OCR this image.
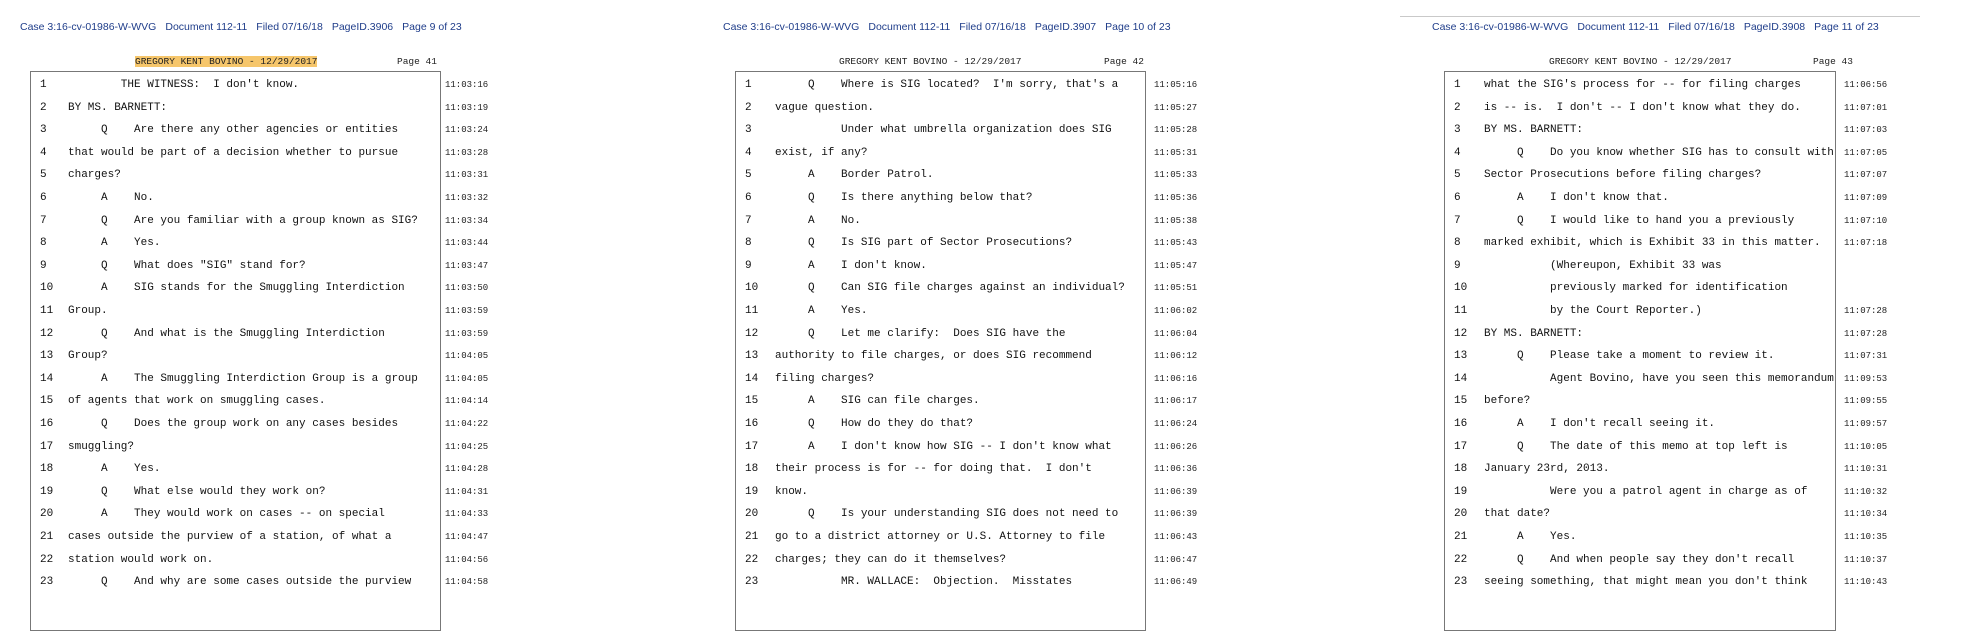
Case 3:16-cv-01986-W-WVG Document 112-11 Filed 07/16/18 PageID.3906 Page 9 of 23
GREGORY KENT BOVINO - 12/29/2017	Page 41
1	THE WITNESS:  I don't know.	11:03:16
2	BY MS. BARNETT:	11:03:19
3	Q    Are there any other agencies or entities	11:03:24
4	that would be part of a decision whether to pursue	11:03:28
5	charges?	11:03:31
6	A    No.	11:03:32
7	Q    Are you familiar with a group known as SIG?	11:03:34
8	A    Yes.	11:03:44
9	Q    What does "SIG" stand for?	11:03:47
10	A    SIG stands for the Smuggling Interdiction	11:03:50
11	Group.	11:03:59
12	Q    And what is the Smuggling Interdiction	11:03:59
13	Group?	11:04:05
14	A    The Smuggling Interdiction Group is a group	11:04:05
15	of agents that work on smuggling cases.	11:04:14
16	Q    Does the group work on any cases besides	11:04:22
17	smuggling?	11:04:25
18	A    Yes.	11:04:28
19	Q    What else would they work on?	11:04:31
20	A    They would work on cases -- on special	11:04:33
21	cases outside the purview of a station, of what a	11:04:47
22	station would work on.	11:04:56
23	Q    And why are some cases outside the purview	11:04:58
Case 3:16-cv-01986-W-WVG Document 112-11 Filed 07/16/18 PageID.3907 Page 10 of 23
GREGORY KENT BOVINO - 12/29/2017	Page 42
1	Q    Where is SIG located?  I'm sorry, that's a	11:05:16
2	vague question.	11:05:27
3	Under what umbrella organization does SIG	11:05:28
4	exist, if any?	11:05:31
5	A    Border Patrol.	11:05:33
6	Q    Is there anything below that?	11:05:36
7	A    No.	11:05:38
8	Q    Is SIG part of Sector Prosecutions?	11:05:43
9	A    I don't know.	11:05:47
10	Q    Can SIG file charges against an individual?	11:05:51
11	A    Yes.	11:06:02
12	Q    Let me clarify:  Does SIG have the	11:06:04
13	authority to file charges, or does SIG recommend	11:06:12
14	filing charges?	11:06:16
15	A    SIG can file charges.	11:06:17
16	Q    How do they do that?	11:06:24
17	A    I don't know how SIG -- I don't know what	11:06:26
18	their process is for -- for doing that.  I don't	11:06:36
19	know.	11:06:39
20	Q    Is your understanding SIG does not need to	11:06:39
21	go to a district attorney or U.S. Attorney to file	11:06:43
22	charges; they can do it themselves?	11:06:47
23	MR. WALLACE:  Objection.  Misstates	11:06:49
Case 3:16-cv-01986-W-WVG Document 112-11 Filed 07/16/18 PageID.3908 Page 11 of 23
GREGORY KENT BOVINO - 12/29/2017	Page 43
1	what the SIG's process for -- for filing charges	11:06:56
2	is -- is.  I don't -- I don't know what they do.	11:07:01
3	BY MS. BARNETT:	11:07:03
4	Q    Do you know whether SIG has to consult with 11:07:05
5	Sector Prosecutions before filing charges?	11:07:07
6	A    I don't know that.	11:07:09
7	Q    I would like to hand you a previously	11:07:10
8	marked exhibit, which is Exhibit 33 in this matter.	11:07:18
9	(Whereupon, Exhibit 33 was
10	previously marked for identification
11	by the Court Reporter.)	11:07:28
12	BY MS. BARNETT:	11:07:28
13	Q    Please take a moment to review it.	11:07:31
14	Agent Bovino, have you seen this memorandum 11:09:53
15	before?	11:09:55
16	A    I don't recall seeing it.	11:09:57
17	Q    The date of this memo at top left is	11:10:05
18	January 23rd, 2013.	11:10:31
19	Were you a patrol agent in charge as of	11:10:32
20	that date?	11:10:34
21	A    Yes.	11:10:35
22	Q    And when people say they don't recall	11:10:37
23	seeing something, that might mean you don't think	11:10:43
